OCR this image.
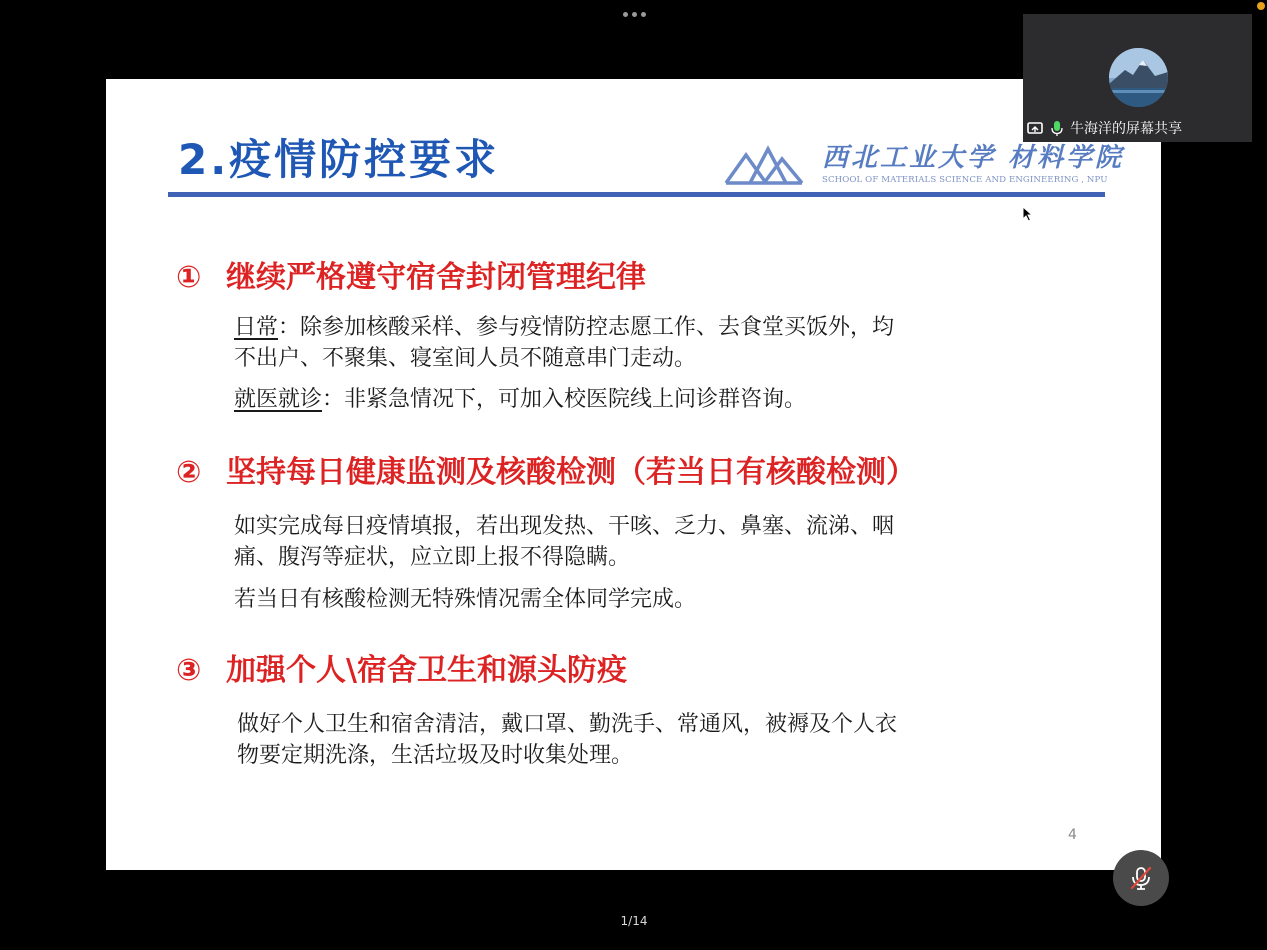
2.疫情防控要求	西北工业大学 材料学院
SCHOOL OF MATERIALS SCIENCE AND ENGINEERING , NPU
① 继续严格遵守宿舍封闭管理纪律
日常：除参加核酸采样、参与疫情防控志愿工作、去食堂买饭外，均
不出户、不聚集、寝室间人员不随意串门走动。
就医就诊：非紧急情况下，可加入校医院线上问诊群咨询。
② 坚持每日健康监测及核酸检测（若当日有核酸检测）
如实完成每日疫情填报，若出现发热、干咳、乏力、鼻塞、流涕、咽
痛、腹泻等症状，应立即上报不得隐瞒。
若当日有核酸检测无特殊情况需全体同学完成。
③ 加强个人\宿舍卫生和源头防疫
做好个人卫生和宿舍清洁，戴口罩、勤洗手、常通风，被褥及个人衣
物要定期洗涤，生活垃圾及时收集处理。
4
牛海洋的屏幕共享
1/14
